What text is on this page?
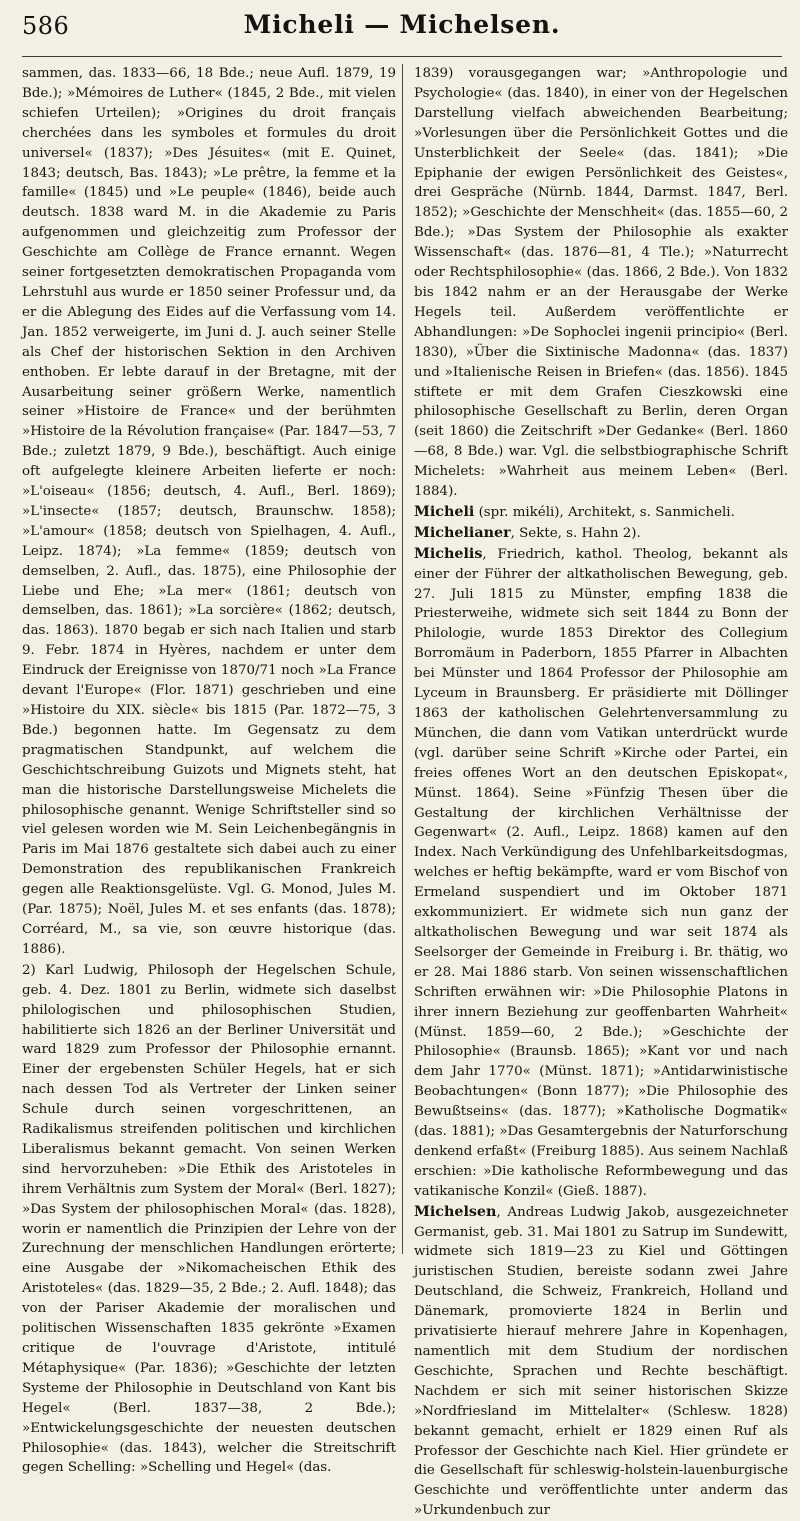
586	Micheli — Michelsen.

sammen, das. 1833—66, 18 Bde.; neue Aufl. 1879, 19 Bde.); »Mémoires de Luther« (1845, 2 Bde., mit vielen schiefen Urteilen); »Origines du droit français cherchées dans les symboles et formules du droit universel« (1837); »Des Jésuites« (mit E. Quinet, 1843; deutsch, Bas. 1843); »Le prêtre, la femme et la famille« (1845) und »Le peuple« (1846), beide auch deutsch. 1838 ward M. in die Akademie zu Paris aufgenommen und gleichzeitig zum Professor der Geschichte am Collège de France ernannt. Wegen seiner fortgesetzten demokratischen Propaganda vom Lehrstuhl aus wurde er 1850 seiner Professur und, da er die Ablegung des Eides auf die Verfassung vom 14. Jan. 1852 verweigerte, im Juni d. J. auch seiner Stelle als Chef der historischen Sektion in den Archiven enthoben. Er lebte darauf in der Bretagne, mit der Ausarbeitung seiner größern Werke, namentlich seiner »Histoire de France« und der berühmten »Histoire de la Révolution française« (Par. 1847—53, 7 Bde.; zuletzt 1879, 9 Bde.), beschäftigt. Auch einige oft aufgelegte kleinere Arbeiten lieferte er noch: »L'oiseau« (1856; deutsch, 4. Aufl., Berl. 1869); »L'insecte« (1857; deutsch, Braunschw. 1858); »L'amour« (1858; deutsch von Spielhagen, 4. Aufl., Leipz. 1874); »La femme« (1859; deutsch von demselben, 2. Aufl., das. 1875), eine Philosophie der Liebe und Ehe; »La mer« (1861; deutsch von demselben, das. 1861); »La sorcière« (1862; deutsch, das. 1863). 1870 begab er sich nach Italien und starb 9. Febr. 1874 in Hyères, nachdem er unter dem Eindruck der Ereignisse von 1870/71 noch »La France devant l'Europe« (Flor. 1871) geschrieben und eine »Histoire du XIX. siècle« bis 1815 (Par. 1872—75, 3 Bde.) begonnen hatte. Im Gegensatz zu dem pragmatischen Standpunkt, auf welchem die Geschichtschreibung Guizots und Mignets steht, hat man die historische Darstellungsweise Michelets die philosophische genannt. Wenige Schriftsteller sind so viel gelesen worden wie M. Sein Leichenbegängnis in Paris im Mai 1876 gestaltete sich dabei auch zu einer Demonstration des republikanischen Frankreich gegen alle Reaktionsgelüste. Vgl. G. Monod, Jules M. (Par. 1875); Noël, Jules M. et ses enfants (das. 1878); Corréard, M., sa vie, son œuvre historique (das. 1886).

2) Karl Ludwig, Philosoph der Hegelschen Schule, geb. 4. Dez. 1801 zu Berlin, widmete sich daselbst philologischen und philosophischen Studien, habilitierte sich 1826 an der Berliner Universität und ward 1829 zum Professor der Philosophie ernannt. Einer der ergebensten Schüler Hegels, hat er sich nach dessen Tod als Vertreter der Linken seiner Schule durch seinen vorgeschrittenen, an Radikalismus streifenden politischen und kirchlichen Liberalismus bekannt gemacht. Von seinen Werken sind hervorzuheben: »Die Ethik des Aristoteles in ihrem Verhältnis zum System der Moral« (Berl. 1827); »Das System der philosophischen Moral« (das. 1828), worin er namentlich die Prinzipien der Lehre von der Zurechnung der menschlichen Handlungen erörterte; eine Ausgabe der »Nikomacheischen Ethik des Aristoteles« (das. 1829—35, 2 Bde.; 2. Aufl. 1848); das von der Pariser Akademie der moralischen und politischen Wissenschaften 1835 gekrönte »Examen critique de l'ouvrage d'Aristote, intitulé Métaphysique« (Par. 1836); »Geschichte der letzten Systeme der Philosophie in Deutschland von Kant bis Hegel« (Berl. 1837—38, 2 Bde.); »Entwickelungsgeschichte der neuesten deutschen Philosophie« (das. 1843), welcher die Streitschrift gegen Schelling: »Schelling und Hegel« (das.

1839) vorausgegangen war; »Anthropologie und Psychologie« (das. 1840), in einer von der Hegelschen Darstellung vielfach abweichenden Bearbeitung; »Vorlesungen über die Persönlichkeit Gottes und die Unsterblichkeit der Seele« (das. 1841); »Die Epiphanie der ewigen Persönlichkeit des Geistes«, drei Gespräche (Nürnb. 1844, Darmst. 1847, Berl. 1852); »Geschichte der Menschheit« (das. 1855—60, 2 Bde.); »Das System der Philosophie als exakter Wissenschaft« (das. 1876—81, 4 Tle.); »Naturrecht oder Rechtsphilosophie« (das. 1866, 2 Bde.). Von 1832 bis 1842 nahm er an der Herausgabe der Werke Hegels teil. Außerdem veröffentlichte er Abhandlungen: »De Sophoclei ingenii principio« (Berl. 1830), »Über die Sixtinische Madonna« (das. 1837) und »Italienische Reisen in Briefen« (das. 1856). 1845 stiftete er mit dem Grafen Cieszkowski eine philosophische Gesellschaft zu Berlin, deren Organ (seit 1860) die Zeitschrift »Der Gedanke« (Berl. 1860—68, 8 Bde.) war. Vgl. die selbstbiographische Schrift Michelets: »Wahrheit aus meinem Leben« (Berl. 1884).

Micheli (spr. mikéli), Architekt, s. Sanmicheli.

Michelianer, Sekte, s. Hahn 2).

Michelis, Friedrich, kathol. Theolog, bekannt als einer der Führer der altkatholischen Bewegung, geb. 27. Juli 1815 zu Münster, empfing 1838 die Priesterweihe, widmete sich seit 1844 zu Bonn der Philologie, wurde 1853 Direktor des Collegium Borromäum in Paderborn, 1855 Pfarrer in Albachten bei Münster und 1864 Professor der Philosophie am Lyceum in Braunsberg. Er präsidierte mit Döllinger 1863 der katholischen Gelehrtenversammlung zu München, die dann vom Vatikan unterdrückt wurde (vgl. darüber seine Schrift »Kirche oder Partei, ein freies offenes Wort an den deutschen Episkopat«, Münst. 1864). Seine »Fünfzig Thesen über die Gestaltung der kirchlichen Verhältnisse der Gegenwart« (2. Aufl., Leipz. 1868) kamen auf den Index. Nach Verkündigung des Unfehlbarkeitsdogmas, welches er heftig bekämpfte, ward er vom Bischof von Ermeland suspendiert und im Oktober 1871 exkommuniziert. Er widmete sich nun ganz der altkatholischen Bewegung und war seit 1874 als Seelsorger der Gemeinde in Freiburg i. Br. thätig, wo er 28. Mai 1886 starb. Von seinen wissenschaftlichen Schriften erwähnen wir: »Die Philosophie Platons in ihrer innern Beziehung zur geoffenbarten Wahrheit« (Münst. 1859—60, 2 Bde.); »Geschichte der Philosophie« (Braunsb. 1865); »Kant vor und nach dem Jahr 1770« (Münst. 1871); »Antidarwinistische Beobachtungen« (Bonn 1877); »Die Philosophie des Bewußtseins« (das. 1877); »Katholische Dogmatik« (das. 1881); »Das Gesamtergebnis der Naturforschung denkend erfaßt« (Freiburg 1885). Aus seinem Nachlaß erschien: »Die katholische Reformbewegung und das vatikanische Konzil« (Gieß. 1887).

Michelsen, Andreas Ludwig Jakob, ausgezeichneter Germanist, geb. 31. Mai 1801 zu Satrup im Sundewitt, widmete sich 1819—23 zu Kiel und Göttingen juristischen Studien, bereiste sodann zwei Jahre Deutschland, die Schweiz, Frankreich, Holland und Dänemark, promovierte 1824 in Berlin und privatisierte hierauf mehrere Jahre in Kopenhagen, namentlich mit dem Studium der nordischen Geschichte, Sprachen und Rechte beschäftigt. Nachdem er sich mit seiner historischen Skizze »Nordfriesland im Mittelalter« (Schlesw. 1828) bekannt gemacht, erhielt er 1829 einen Ruf als Professor der Geschichte nach Kiel. Hier gründete er die Gesellschaft für schleswig-holstein-lauenburgische Geschichte und veröffentlichte unter anderm das »Urkundenbuch zur
